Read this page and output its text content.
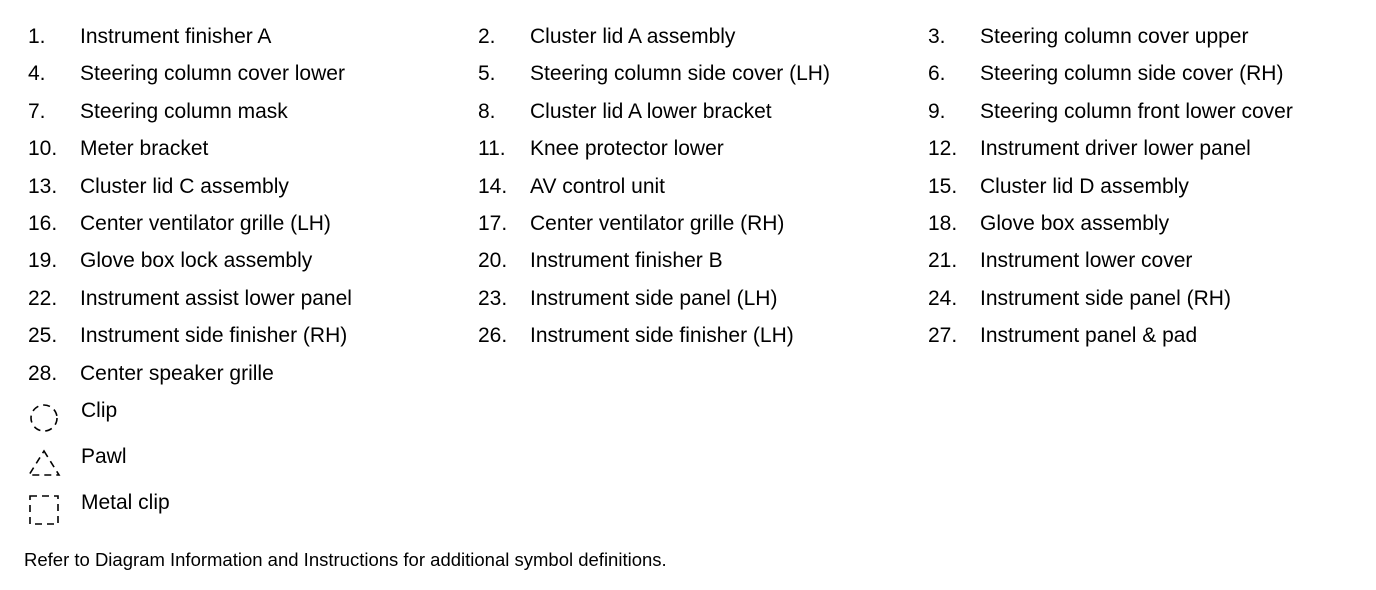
1. Instrument finisher A	2. Cluster lid A assembly	3. Steering column cover upper
4. Steering column cover lower	5. Steering column side cover (LH)	6. Steering column side cover (RH)
7. Steering column mask	8. Cluster lid A lower bracket	9. Steering column front lower cover
10. Meter bracket	11. Knee protector lower	12. Instrument driver lower panel
13. Cluster lid C assembly	14. AV control unit	15. Cluster lid D assembly
16. Center ventilator grille (LH)	17. Center ventilator grille (RH)	18. Glove box assembly
19. Glove box lock assembly	20. Instrument finisher B	21. Instrument lower cover
22. Instrument assist lower panel	23. Instrument side panel (LH)	24. Instrument side panel (RH)
25. Instrument side finisher (RH)	26. Instrument side finisher (LH)	27. Instrument panel & pad
28. Center speaker grille
Clip
Pawl
Metal clip
Refer to Diagram Information and Instructions for additional symbol definitions.
